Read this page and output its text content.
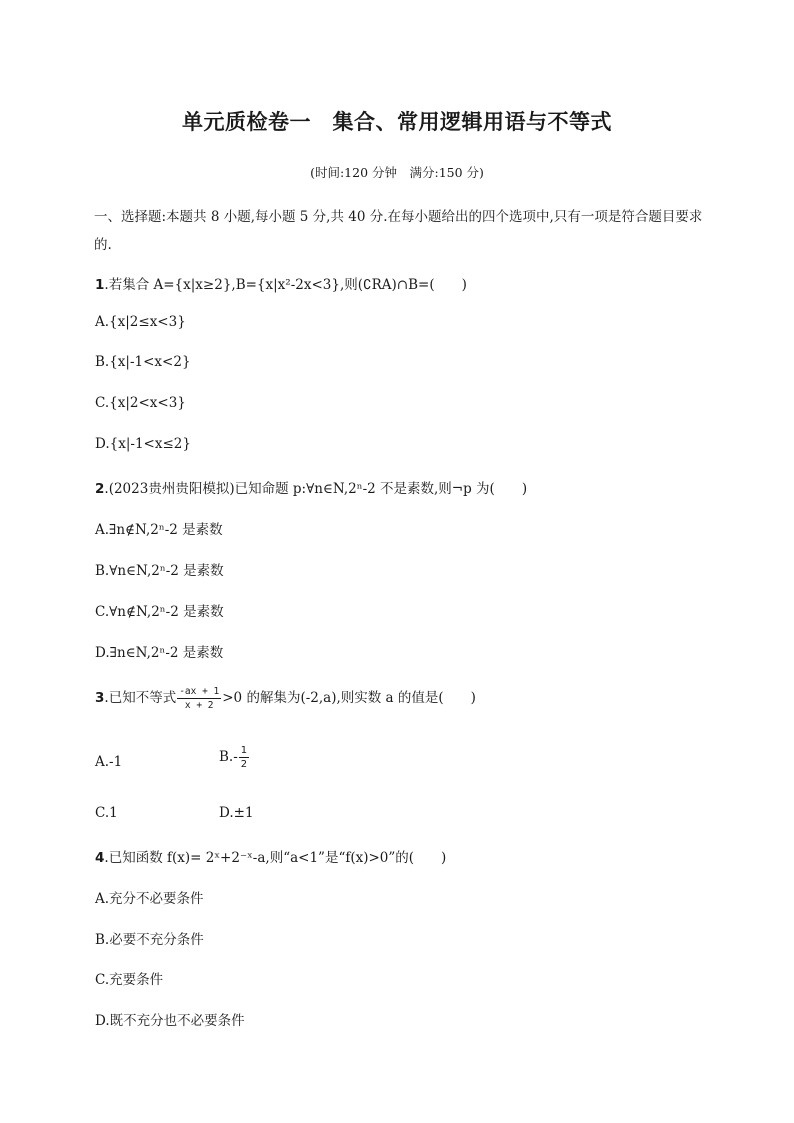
单元质检卷一　集合、常用逻辑用语与不等式
(时间:120 分钟　满分:150 分)
一、选择题:本题共 8 小题,每小题 5 分,共 40 分.在每小题给出的四个选项中,只有一项是符合题目要求的.
1.若集合 A={x|x≥2},B={x|x²-2x<3},则(∁RA)∩B=(　　)
A.{x|2≤x<3}
B.{x|-1<x<2}
C.{x|2<x<3}
D.{x|-1<x≤2}
2.(2023贵州贵阳模拟)已知命题 p:∀n∈N,2ⁿ-2 不是素数,则¬p 为(　　)
A.∃n∉N,2ⁿ-2 是素数
B.∀n∈N,2ⁿ-2 是素数
C.∀n∉N,2ⁿ-2 是素数
D.∃n∈N,2ⁿ-2 是素数
3.已知不等式 $\frac{-ax + 1}{x + 2} >0$ 的解集为(-2,a),则实数 a 的值是(　　)
A.-1	$B.- \frac{1}{2}$
C.1	D.±1
4.已知函数 f(x)= 2ˣ+2⁻ˣ-a,则“a<1”是“f(x)>0”的(　　)
A.充分不必要条件
B.必要不充分条件
C.充要条件
D.既不充分也不必要条件
